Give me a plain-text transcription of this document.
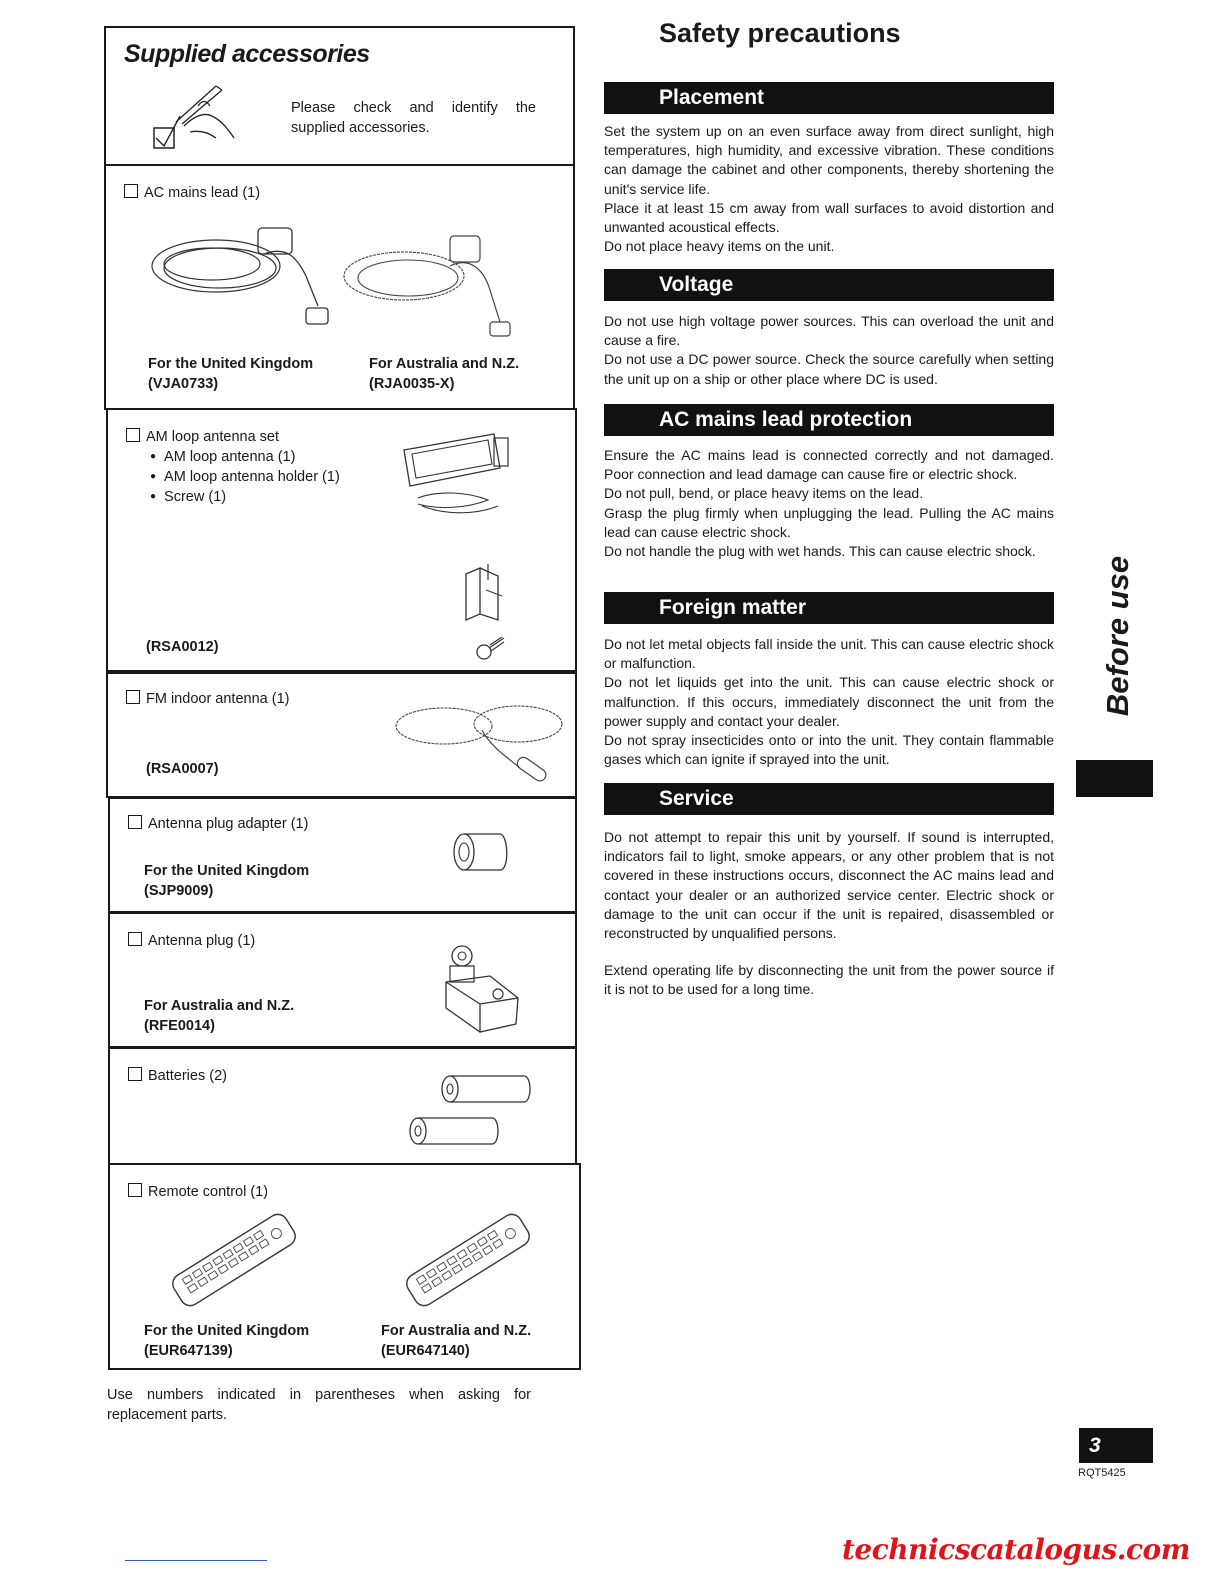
Supplied accessories
Please check and identify the supplied accessories.
AC mains lead (1)
For the United Kingdom
(VJA0733)
For Australia and N.Z.
(RJA0035-X)
AM loop antenna set
● AM loop antenna (1)
● AM loop antenna holder (1)
● Screw (1)
(RSA0012)
FM indoor antenna (1)
(RSA0007)
Antenna plug adapter (1)
For the United Kingdom
(SJP9009)
Antenna plug (1)
For Australia and N.Z.
(RFE0014)
Batteries (2)
Remote control (1)
For the United Kingdom
(EUR647139)
For Australia and N.Z.
(EUR647140)
Use numbers indicated in parentheses when asking for replacement parts.
Safety precautions
Placement

Set the system up on an even surface away from direct sunlight, high temperatures, high humidity, and excessive vibration. These conditions can damage the cabinet and other components, thereby shortening the unit's service life.

Place it at least 15 cm away from wall surfaces to avoid distortion and unwanted acoustical effects.

Do not place heavy items on the unit.

Voltage

Do not use high voltage power sources. This can overload the unit and cause a fire.

Do not use a DC power source. Check the source carefully when setting the unit up on a ship or other place where DC is used.

AC mains lead protection

Ensure the AC mains lead is connected correctly and not damaged. Poor connection and lead damage can cause fire or electric shock.

Do not pull, bend, or place heavy items on the lead.

Grasp the plug firmly when unplugging the lead. Pulling the AC mains lead can cause electric shock.

Do not handle the plug with wet hands. This can cause electric shock.

Foreign matter

Do not let metal objects fall inside the unit. This can cause electric shock or malfunction.

Do not let liquids get into the unit. This can cause electric shock or malfunction. If this occurs, immediately disconnect the unit from the power supply and contact your dealer.

Do not spray insecticides onto or into the unit. They contain flammable gases which can ignite if sprayed into the unit.

Service

Do not attempt to repair this unit by yourself. If sound is interrupted, indicators fail to light, smoke appears, or any other problem that is not covered in these instructions occurs, disconnect the AC mains lead and contact your dealer or an authorized service center. Electric shock or damage to the unit can occur if the unit is repaired, disassembled or reconstructed by unqualified persons.

Extend operating life by disconnecting the unit from the power source if it is not to be used for a long time.

Before use
3
RQT5425
technicscatalogus.com
